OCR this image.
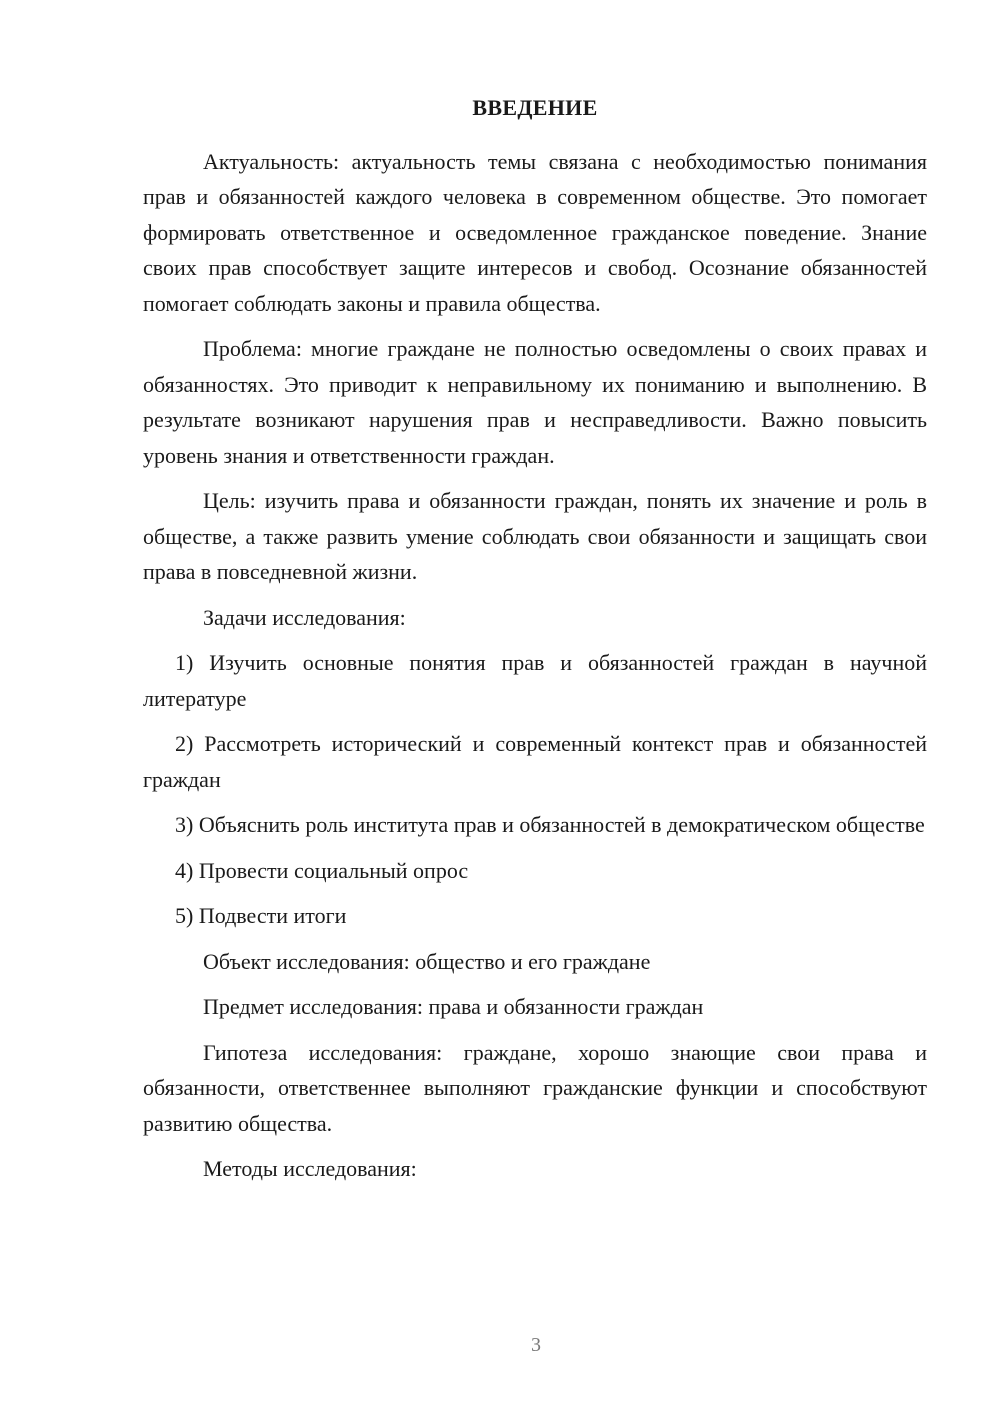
ВВЕДЕНИЕ

Актуальность: актуальность темы связана с необходимостью понимания прав и обязанностей каждого человека в современном обществе. Это помогает формировать ответственное и осведомленное гражданское поведение. Знание своих прав способствует защите интересов и свобод. Осознание обязанностей помогает соблюдать законы и правила общества.

Проблема: многие граждане не полностью осведомлены о своих правах и обязанностях. Это приводит к неправильному их пониманию и выполнению. В результате возникают нарушения прав и несправедливости. Важно повысить уровень знания и ответственности граждан.

Цель: изучить права и обязанности граждан, понять их значение и роль в обществе, а также развить умение соблюдать свои обязанности и защищать свои права в повседневной жизни.

Задачи исследования:

1) Изучить основные понятия прав и обязанностей граждан в научной литературе

2) Рассмотреть исторический и современный контекст прав и обязанностей граждан

3) Объяснить роль института прав и обязанностей в демократическом обществе

4) Провести социальный опрос

5) Подвести итоги

Объект исследования: общество и его граждане

Предмет исследования: права и обязанности граждан

Гипотеза исследования: граждане, хорошо знающие свои права и обязанности, ответственнее выполняют гражданские функции и способствуют развитию общества.

Методы исследования:

3
